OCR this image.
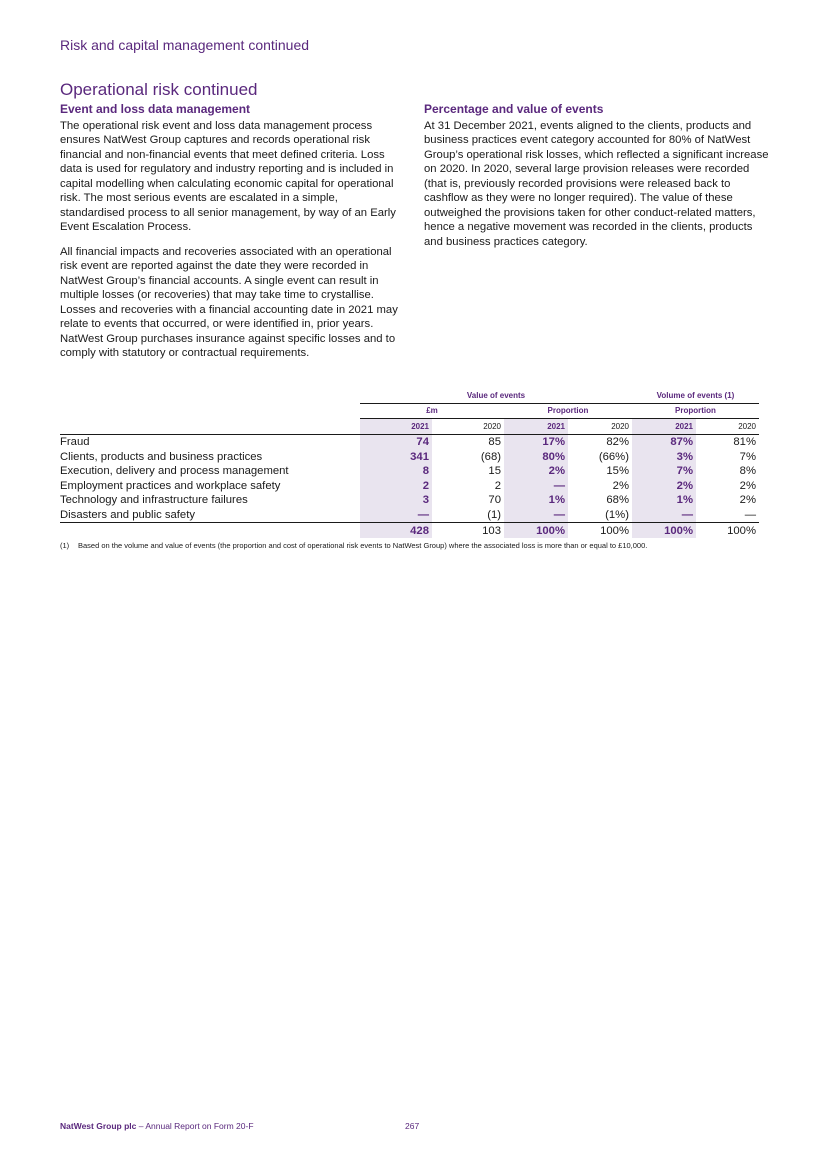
Risk and capital management continued
Operational risk continued
Event and loss data management

The operational risk event and loss data management process ensures NatWest Group captures and records operational risk financial and non-financial events that meet defined criteria. Loss data is used for regulatory and industry reporting and is included in capital modelling when calculating economic capital for operational risk. The most serious events are escalated in a simple, standardised process to all senior management, by way of an Early Event Escalation Process.

All financial impacts and recoveries associated with an operational risk event are reported against the date they were recorded in NatWest Group’s financial accounts. A single event can result in multiple losses (or recoveries) that may take time to crystallise. Losses and recoveries with a financial accounting date in 2021 may relate to events that occurred, or were identified in, prior years. NatWest Group purchases insurance against specific losses and to comply with statutory or contractual requirements.

Percentage and value of events

At 31 December 2021, events aligned to the clients, products and business practices event category accounted for 80% of NatWest Group’s operational risk losses, which reflected a significant increase on 2020. In 2020, several large provision releases were recorded (that is, previously recorded provisions were released back to cashflow as they were no longer required). The value of these outweighed the provisions taken for other conduct-related matters, hence a negative movement was recorded in the clients, products and business practices category.

	Value of events				Volume of events (1)	
	£m		Proportion		Proportion	
	2021	2020	2021	2020	2021	2020
Fraud	74	85	17%	82%	87%	81%
Clients, products and business practices	341	(68)	80%	(66%)	3%	7%
Execution, delivery and process management	8	15	2%	15%	7%	8%
Employment practices and workplace safety	2	2	—	2%	2%	2%
Technology and infrastructure failures	3	70	1%	68%	1%	2%
Disasters and public safety	—	(1)	—	(1%)	—	—
	428	103	100%	100%	100%	100%
(1) Based on the volume and value of events (the proportion and cost of operational risk events to NatWest Group) where the associated loss is more than or equal to £10,000.
NatWest Group plc – Annual Report on Form 20-F	267
